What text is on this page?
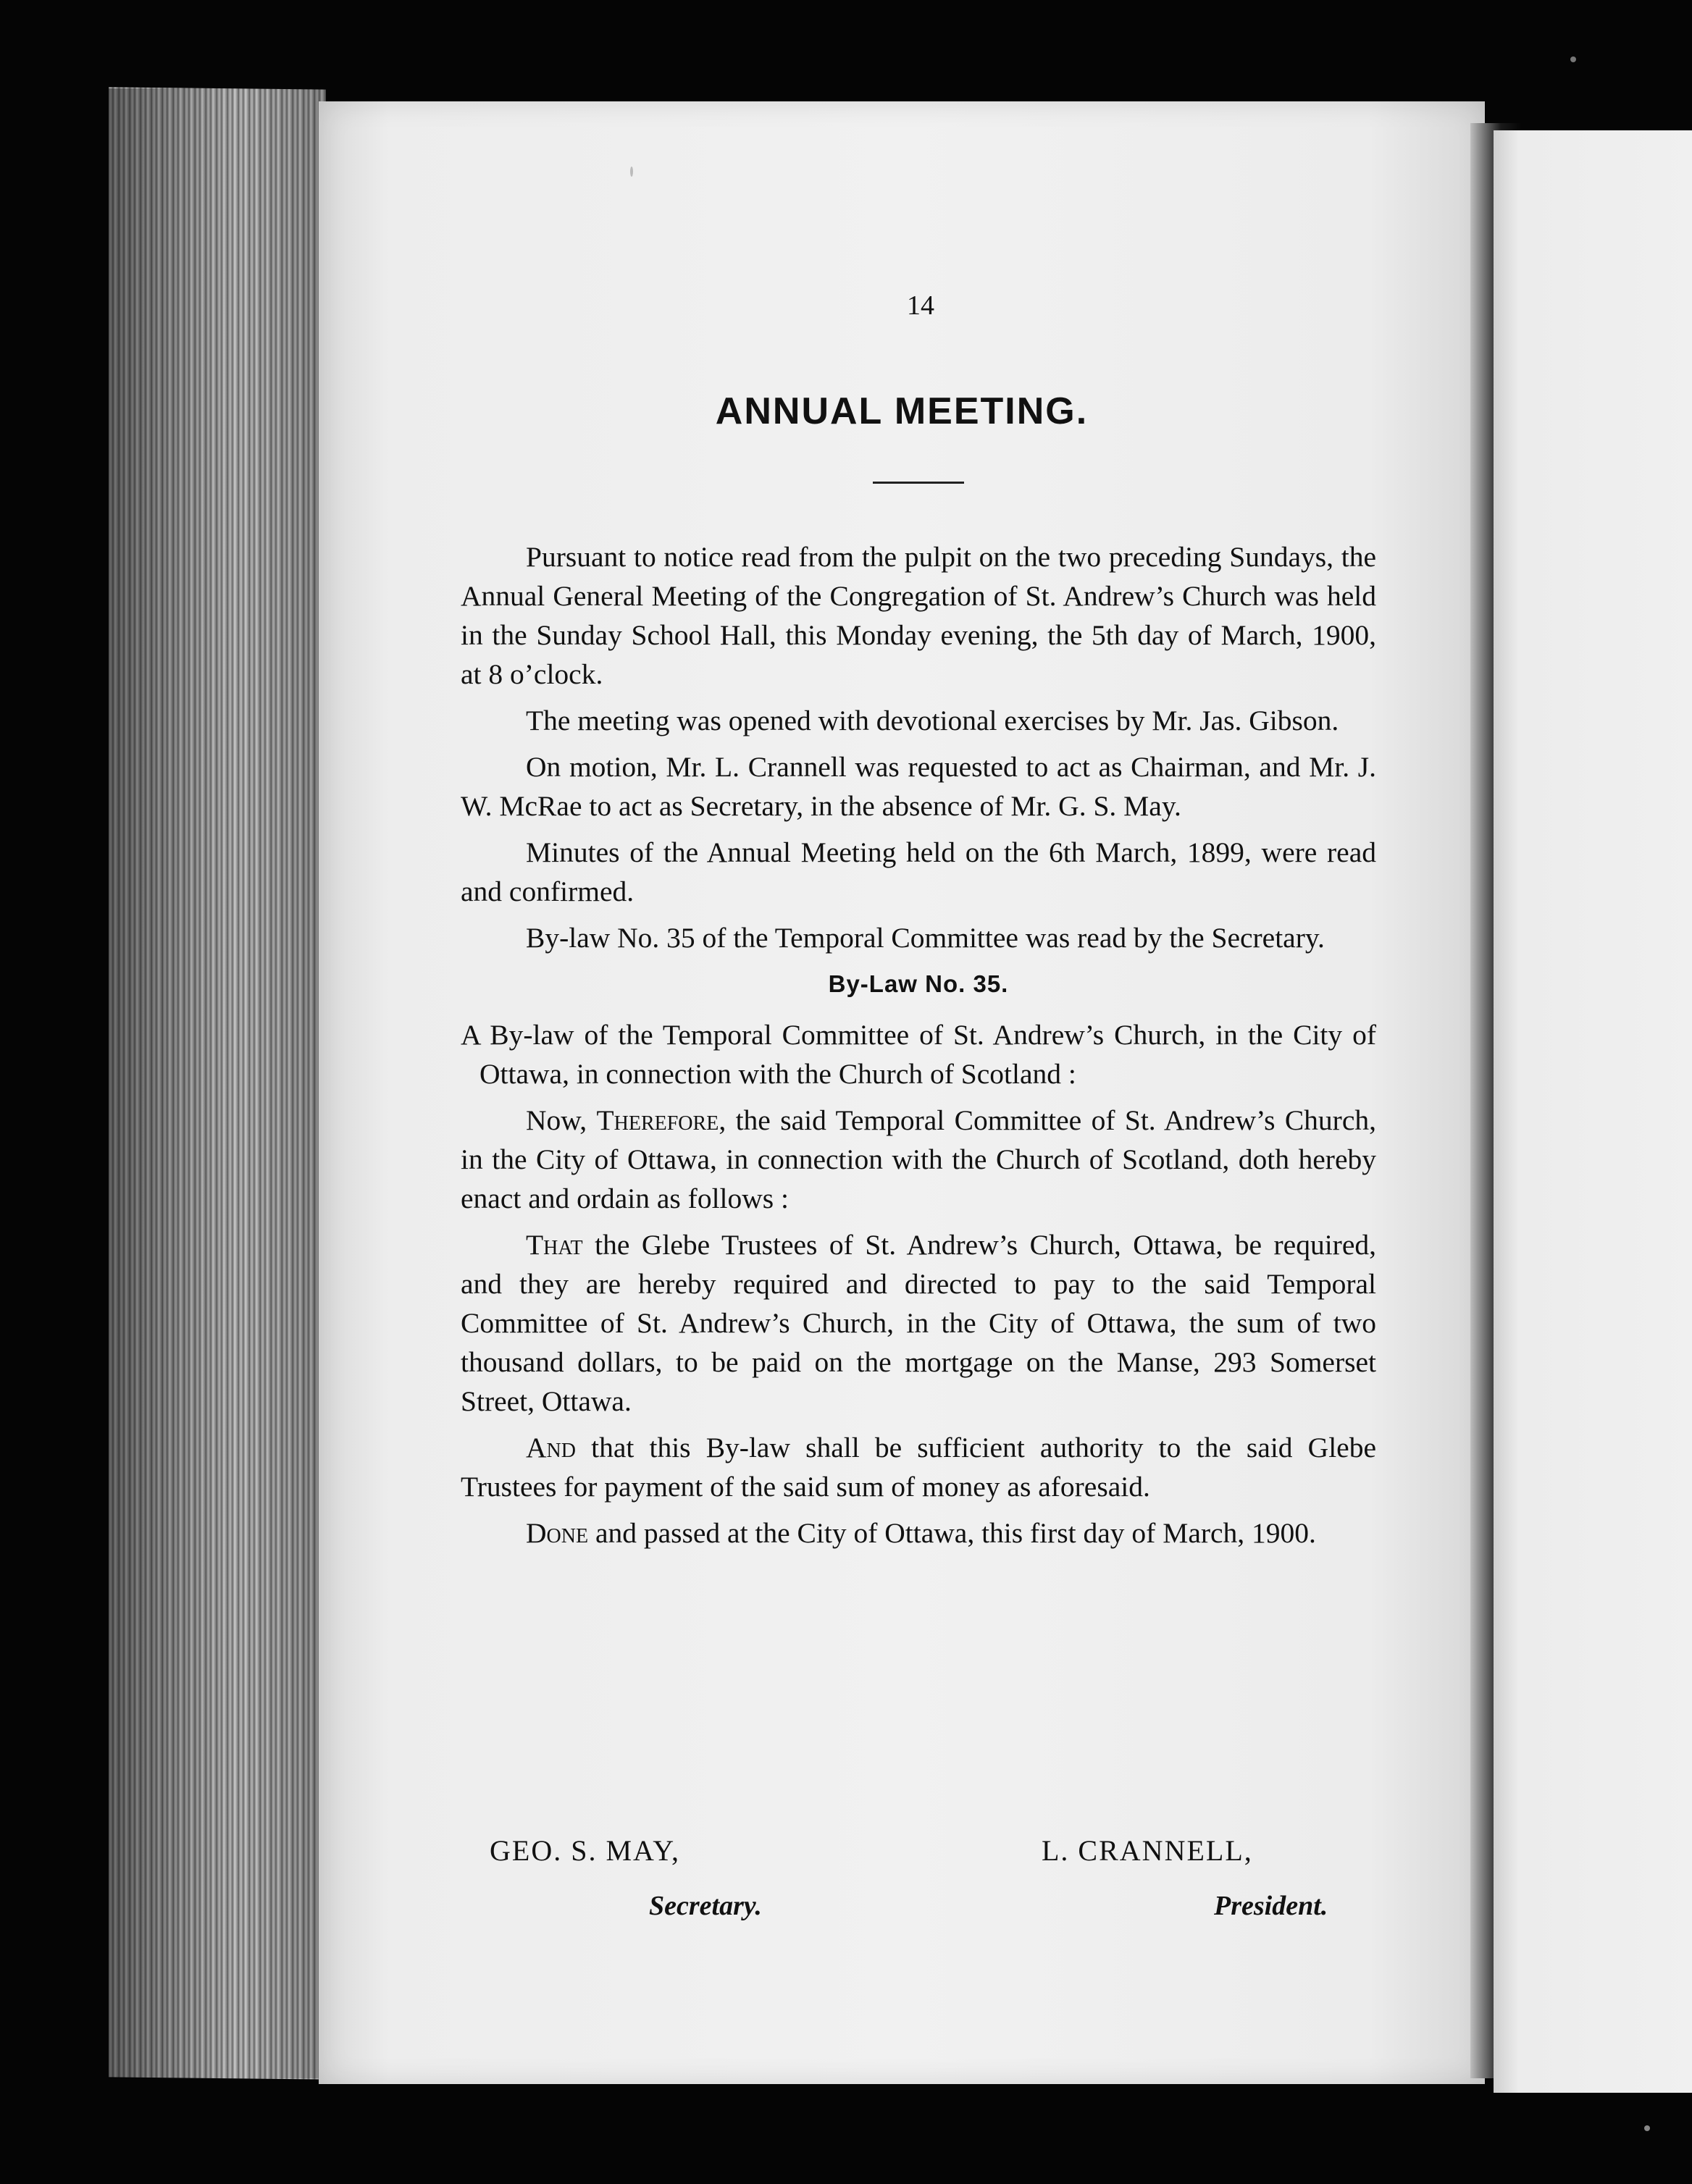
14
ANNUAL MEETING.

Pursuant to notice read from the pulpit on the two preceding Sundays, the Annual General Meeting of the Congregation of St. Andrew’s Church was held in the Sunday School Hall, this Monday evening, the 5th day of March, 1900, at 8 o’clock.

The meeting was opened with devotional exercises by Mr. Jas. Gibson.

On motion, Mr. L. Crannell was requested to act as Chairman, and Mr. J. W. McRae to act as Secretary, in the absence of Mr. G. S. May.

Minutes of the Annual Meeting held on the 6th March, 1899, were read and confirmed.

By-law No. 35 of the Temporal Committee was read by the Secretary.

By-Law No. 35.

A By-law of the Temporal Committee of St. Andrew’s Church, in the City of Ottawa, in connection with the Church of Scotland :

Now, Therefore, the said Temporal Committee of St. Andrew’s Church, in the City of Ottawa, in connection with the Church of Scotland, doth hereby enact and ordain as follows :

That the Glebe Trustees of St. Andrew’s Church, Ottawa, be required, and they are hereby required and directed to pay to the said Temporal Committee of St. Andrew’s Church, in the City of Ottawa, the sum of two thousand dollars, to be paid on the mortgage on the Manse, 293 Somerset Street, Ottawa.

And that this By-law shall be sufficient authority to the said Glebe Trustees for payment of the said sum of money as aforesaid.

Done and passed at the City of Ottawa, this first day of March, 1900.

GEO. S. MAY,	L. CRANNELL,
Secretary.	President.
